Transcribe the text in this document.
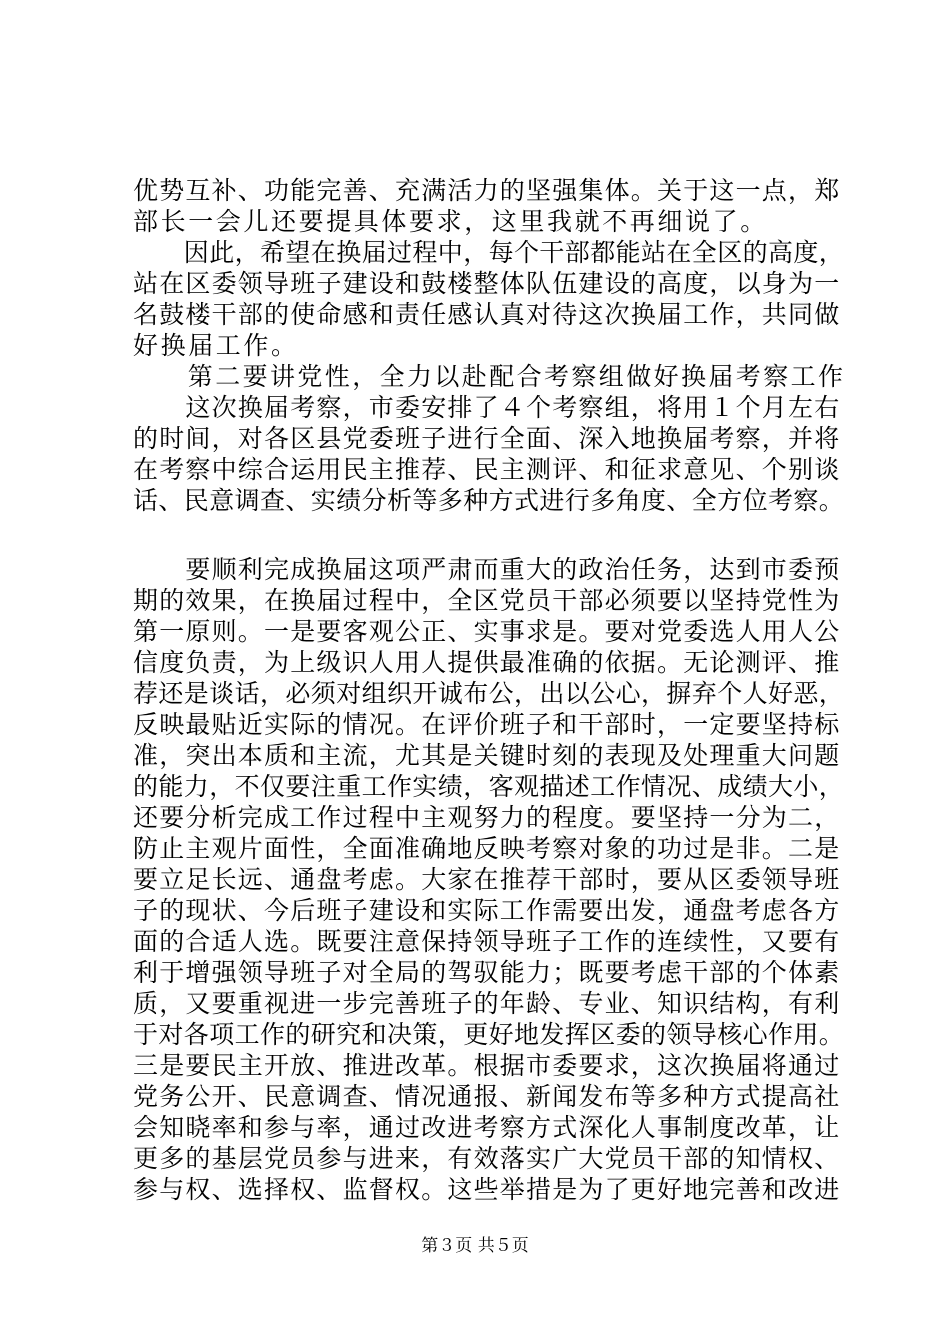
优势互补、功能完善、充满活力的坚强集体。关于这一点，郑
部长一会儿还要提具体要求，这里我就不再细说了。
　　因此，希望在换届过程中，每个干部都能站在全区的高度，
站在区委领导班子建设和鼓楼整体队伍建设的高度，以身为一
名鼓楼干部的使命感和责任感认真对待这次换届工作，共同做
好换届工作。
　　第二要讲党性，全力以赴配合考察组做好换届考察工作
　　这次换届考察，市委安排了４个考察组，将用１个月左右
的时间，对各区县党委班子进行全面、深入地换届考察，并将
在考察中综合运用民主推荐、民主测评、和征求意见、个别谈
话、民意调查、实绩分析等多种方式进行多角度、全方位考察。
　　要顺利完成换届这项严肃而重大的政治任务，达到市委预
期的效果，在换届过程中，全区党员干部必须要以坚持党性为
第一原则。一是要客观公正、实事求是。要对党委选人用人公
信度负责，为上级识人用人提供最准确的依据。无论测评、推
荐还是谈话，必须对组织开诚布公，出以公心，摒弃个人好恶，
反映最贴近实际的情况。在评价班子和干部时，一定要坚持标
准，突出本质和主流，尤其是关键时刻的表现及处理重大问题
的能力，不仅要注重工作实绩，客观描述工作情况、成绩大小，
还要分析完成工作过程中主观努力的程度。要坚持一分为二，
防止主观片面性，全面准确地反映考察对象的功过是非。二是
要立足长远、通盘考虑。大家在推荐干部时，要从区委领导班
子的现状、今后班子建设和实际工作需要出发，通盘考虑各方
面的合适人选。既要注意保持领导班子工作的连续性，又要有
利于增强领导班子对全局的驾驭能力；既要考虑干部的个体素
质，又要重视进一步完善班子的年龄、专业、知识结构，有利
于对各项工作的研究和决策，更好地发挥区委的领导核心作用。
三是要民主开放、推进改革。根据市委要求，这次换届将通过
党务公开、民意调查、情况通报、新闻发布等多种方式提高社
会知晓率和参与率，通过改进考察方式深化人事制度改革，让
更多的基层党员参与进来，有效落实广大党员干部的知情权、
参与权、选择权、监督权。这些举措是为了更好地完善和改进
第３页 共５页
